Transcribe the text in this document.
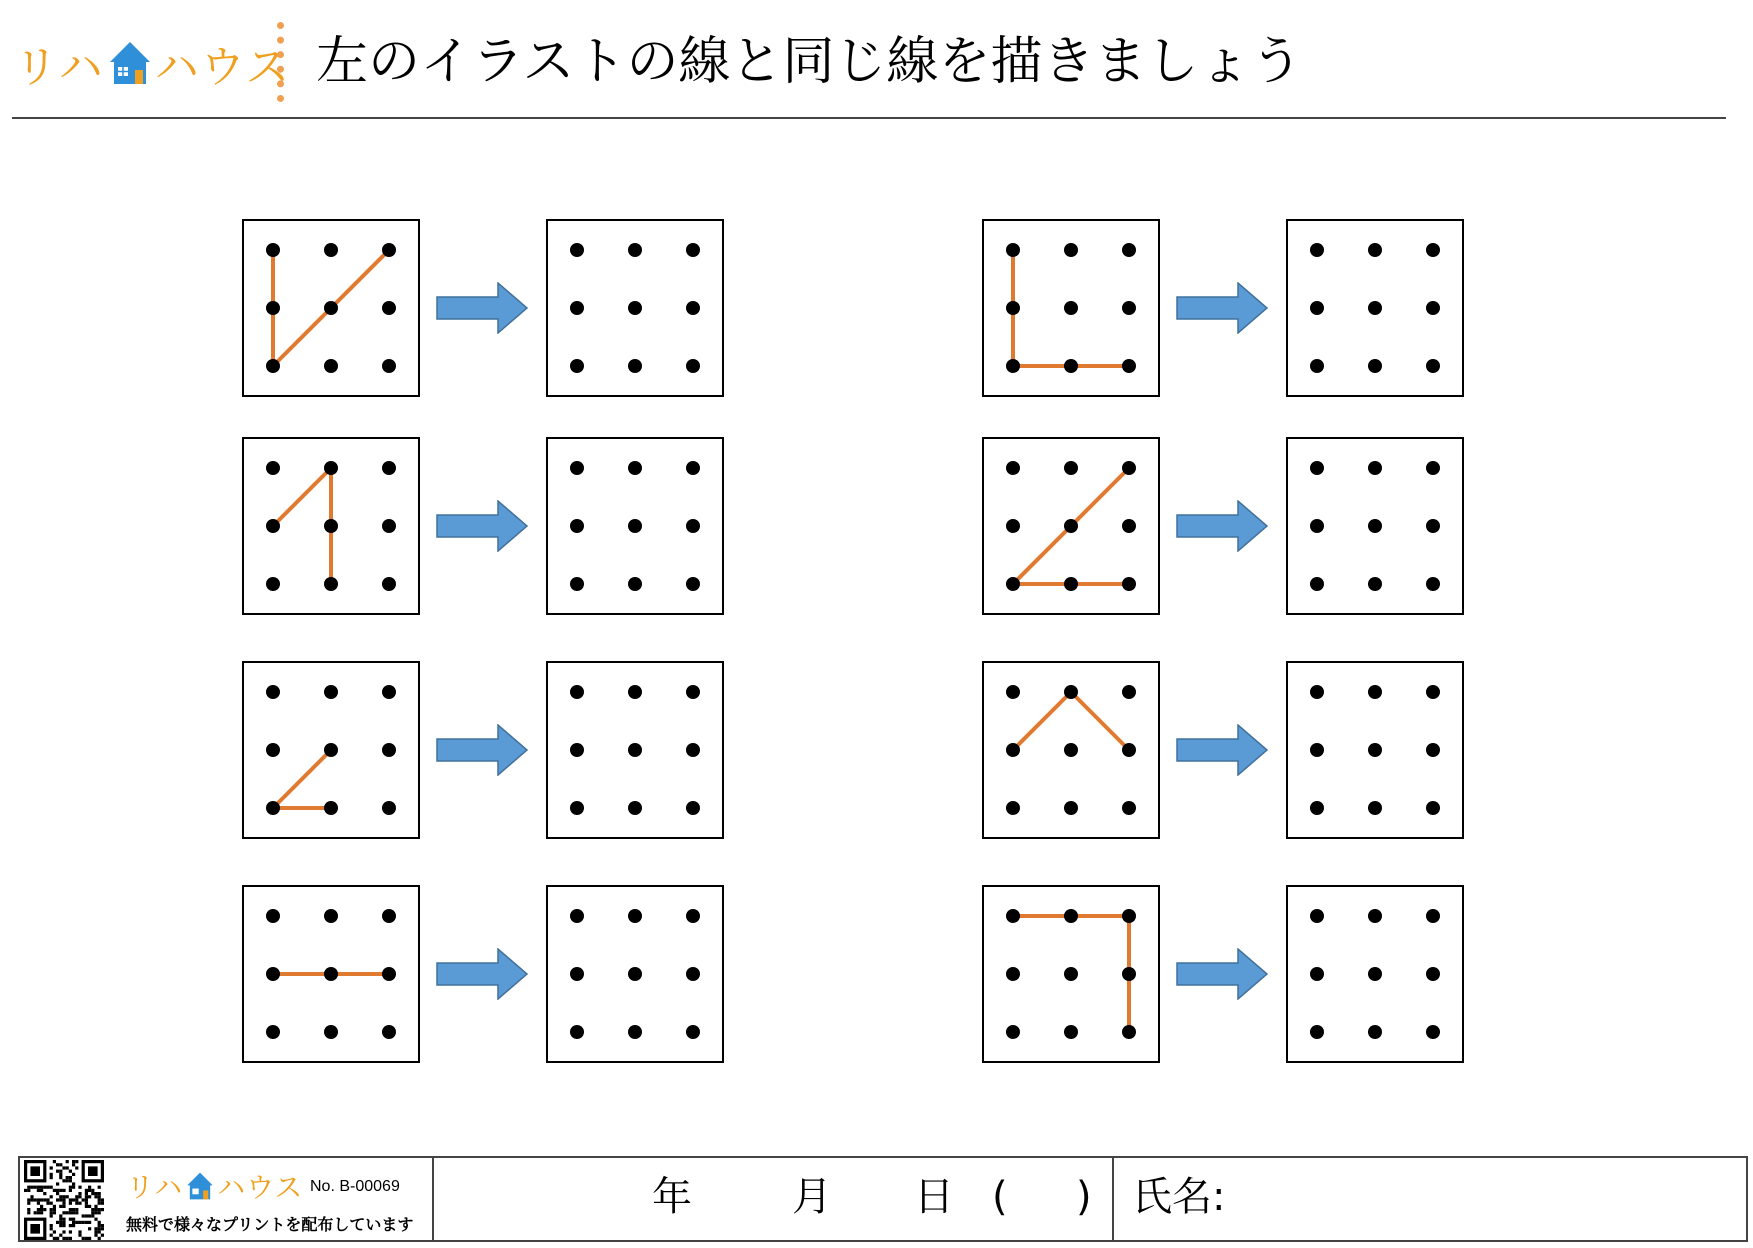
リハ ハウス 左のイラストの線と同じ線を描きましょう
リハ ハウス No. B-00069
無料で様々なプリントを配布しています
年	月 日 ( ) 氏名:
